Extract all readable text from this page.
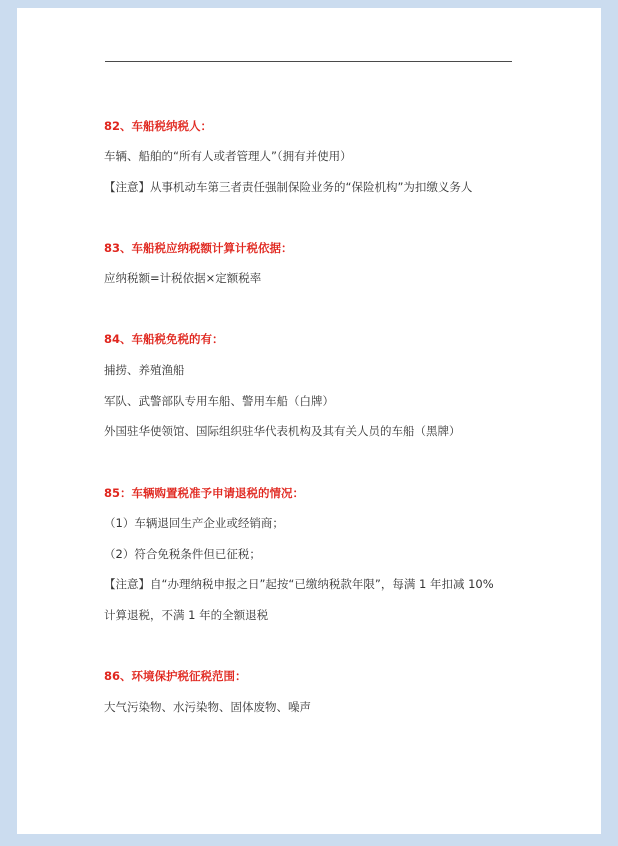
82、车船税纳税人：
车辆、船舶的“所有人或者管理人”（拥有并使用）
【注意】从事机动车第三者责任强制保险业务的“保险机构”为扣缴义务人
83、车船税应纳税额计算计税依据：
应纳税额=计税依据×定额税率
84、车船税免税的有：
捕捞、养殖渔船
军队、武警部队专用车船、警用车船（白牌）
外国驻华使领馆、国际组织驻华代表机构及其有关人员的车船（黑牌）
85：车辆购置税准予申请退税的情况：
（1）车辆退回生产企业或经销商；
（2）符合免税条件但已征税；
【注意】自“办理纳税申报之日”起按“已缴纳税款年限”，每满 1 年扣减 10%
计算退税，不满 1 年的全额退税
86、环境保护税征税范围：
大气污染物、水污染物、固体废物、噪声
